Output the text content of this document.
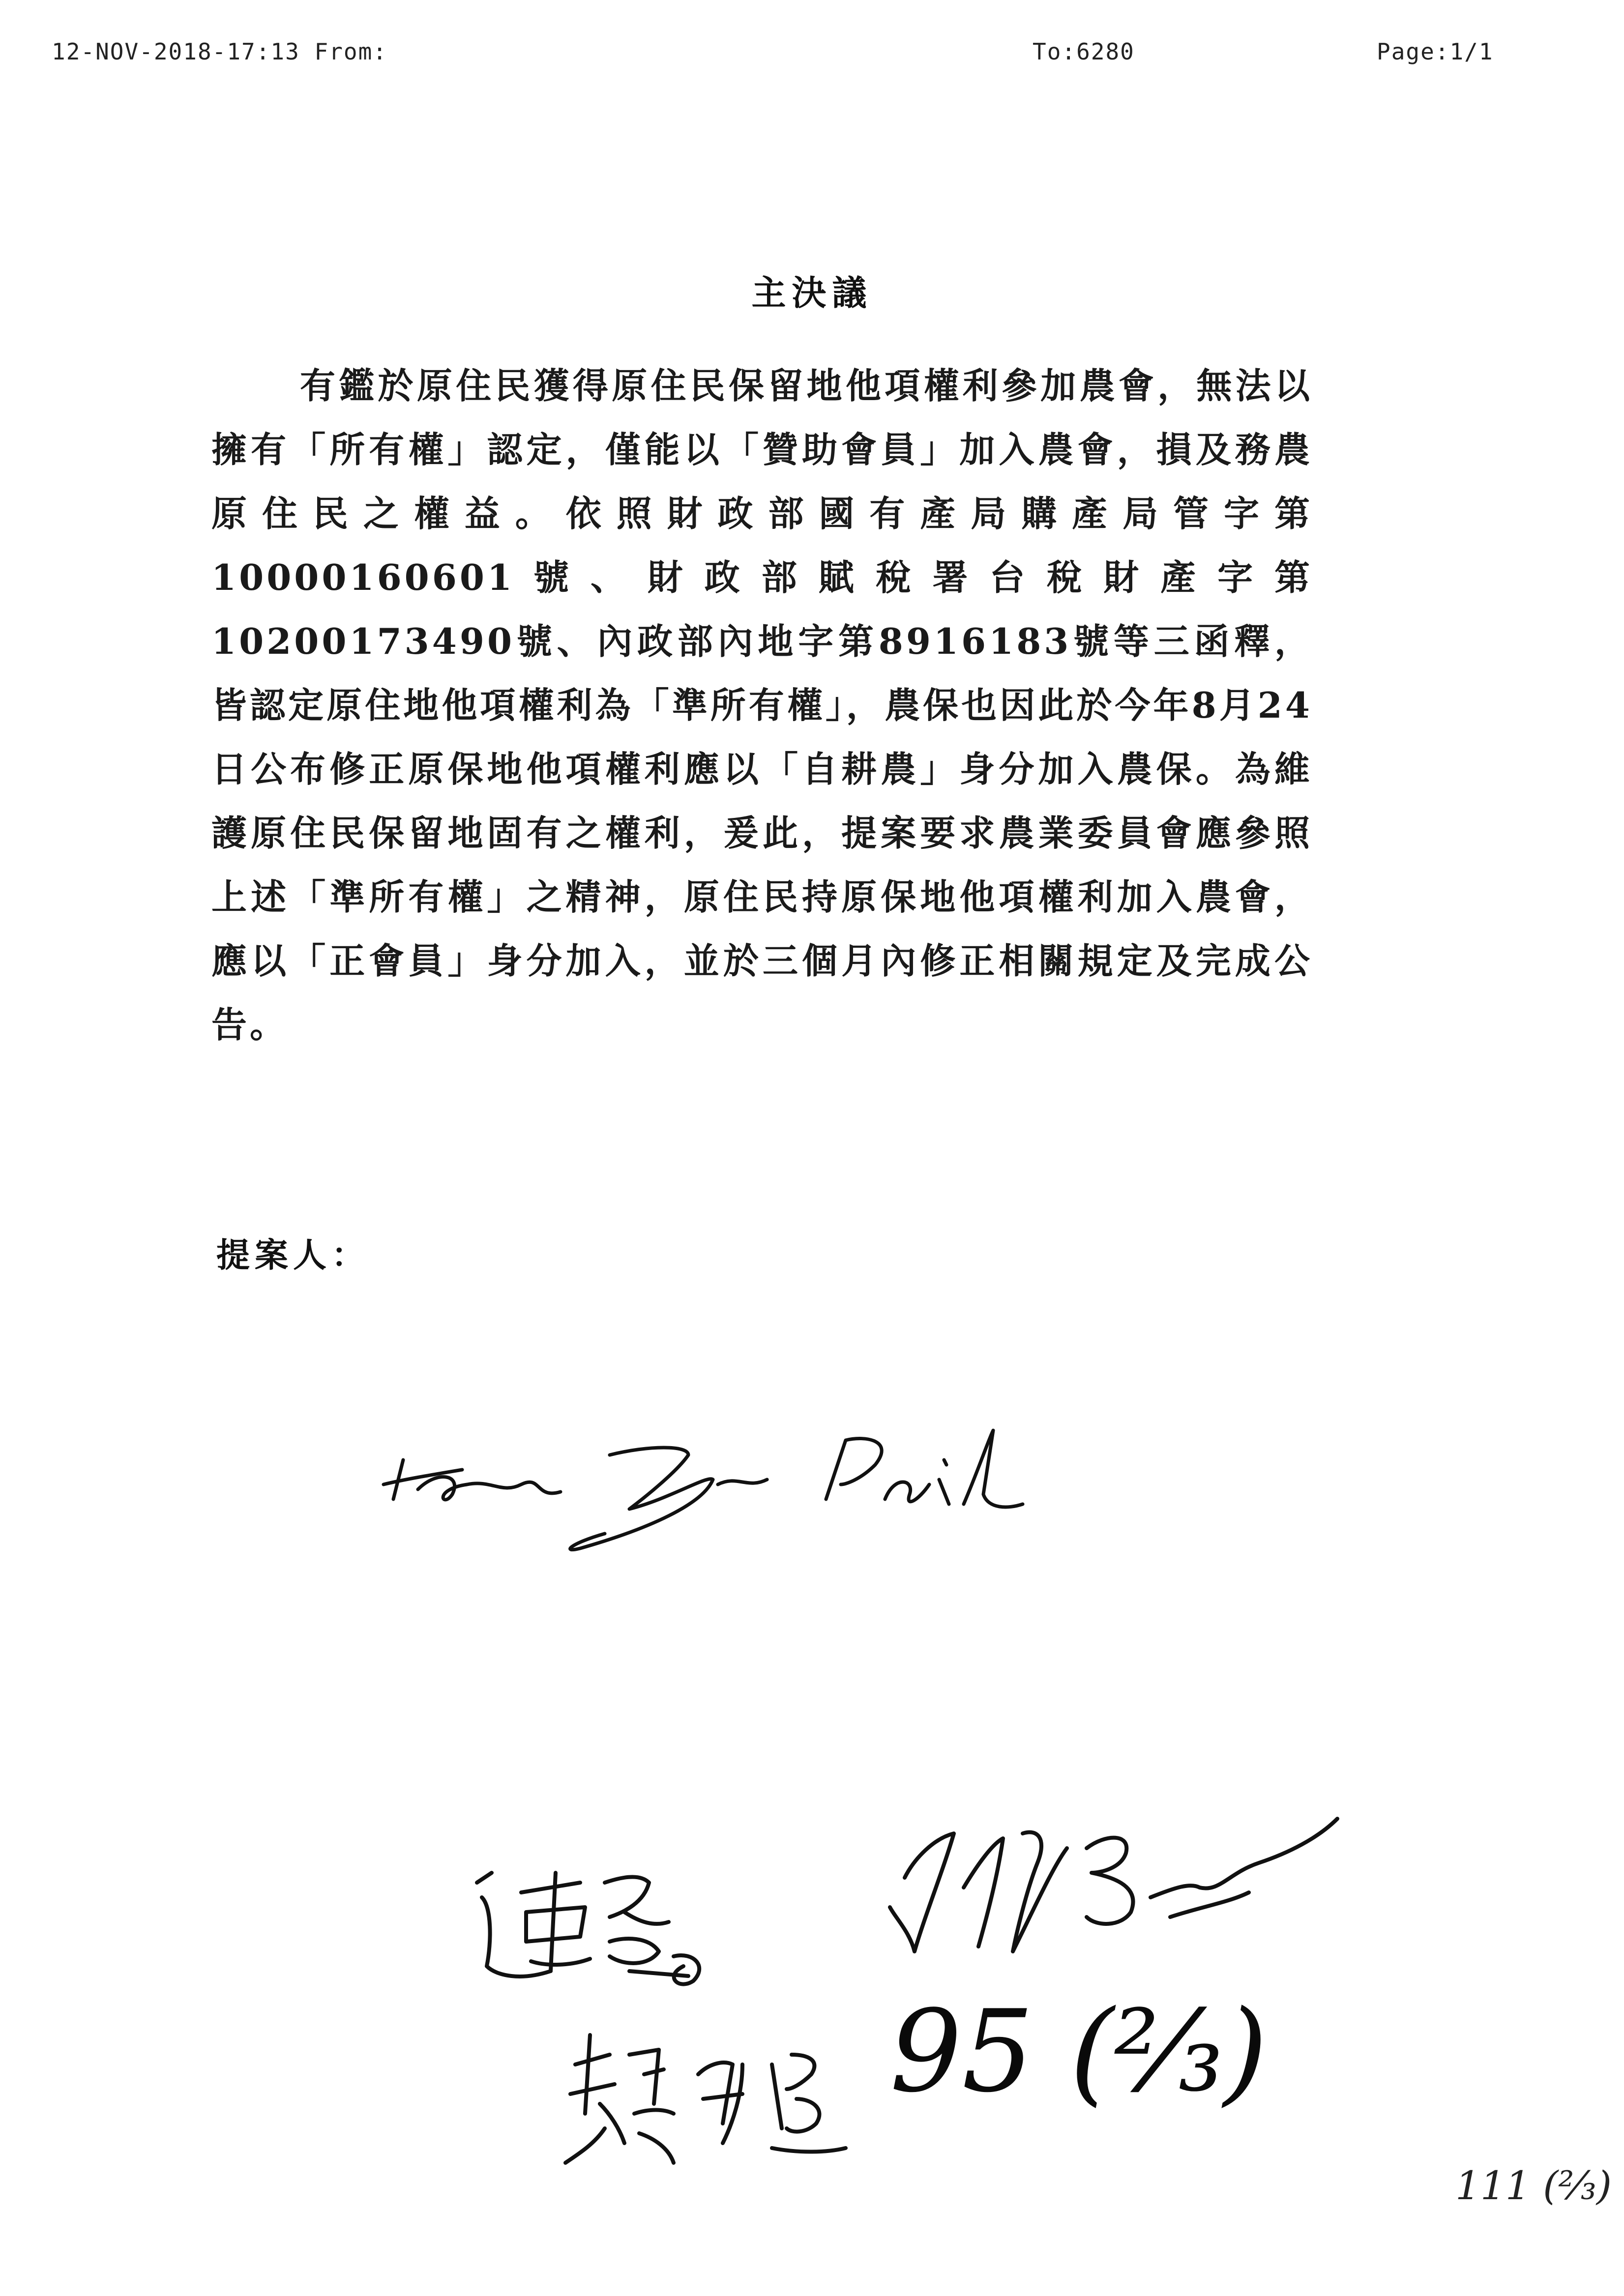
12-NOV-2018-17:13 From:	To:6280	Page:1/1
主決議
有鑑於原住民獲得原住民保留地他項權利參加農會，無法以擁有「所有權」認定，僅能以「贊助會員」加入農會，損及務農原住民之權益。依照財政部國有產局購產局管字第10000160601號、財政部賦稅署台稅財產字第10200173490號、內政部內地字第8916183號等三函釋，皆認定原住地他項權利為「準所有權」，農保也因此於今年8月24日公布修正原保地他項權利應以「自耕農」身分加入農保。為維護原住民保留地固有之權利，爰此，提案要求農業委員會應參照上述「準所有權」之精神，原住民持原保地他項權利加入農會，應以「正會員」身分加入，並於三個月內修正相關規定及完成公告。
提案人：
95 (⅔)
111 (⅔)
